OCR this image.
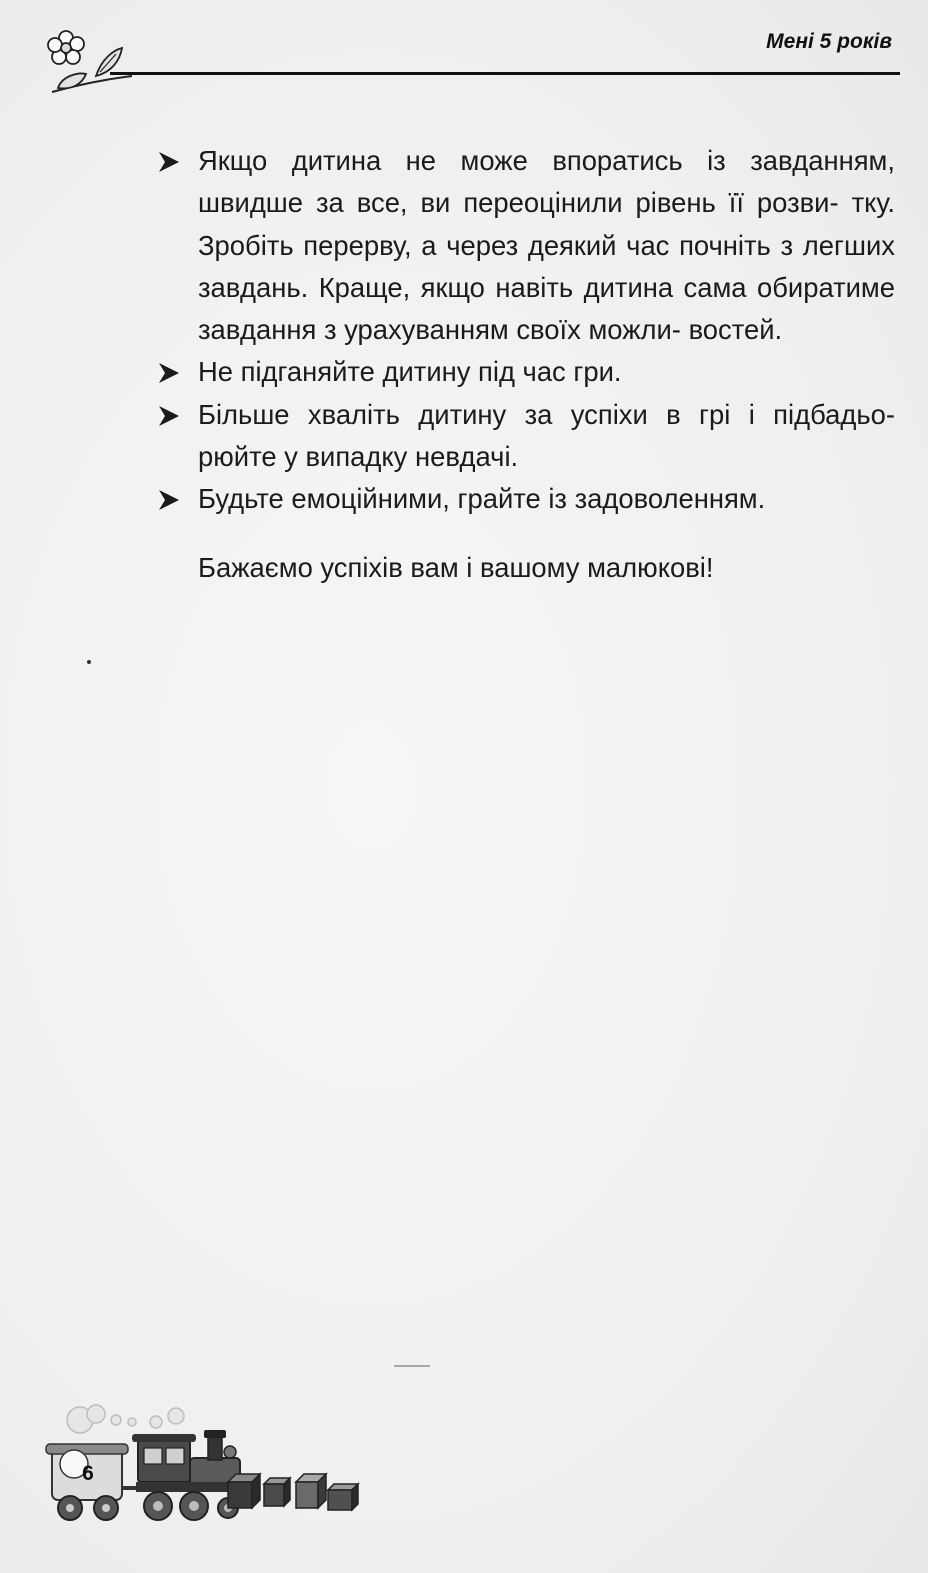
Мені 5 років
Якщо дитина не може впоратись із завданням, швидше за все, ви переоцінили рівень її розви- тку. Зробіть перерву, а через деякий час почніть з легших завдань. Краще, якщо навіть дитина сама обиратиме завдання з урахуванням своїх можли- востей.
Не підганяйте дитину під час гри.
Більше хваліть дитину за успіхи в грі і підбадьо- рюйте у випадку невдачі.
Будьте емоційними, грайте із задоволенням.
Бажаємо успіхів вам і вашому малюкові!
6
